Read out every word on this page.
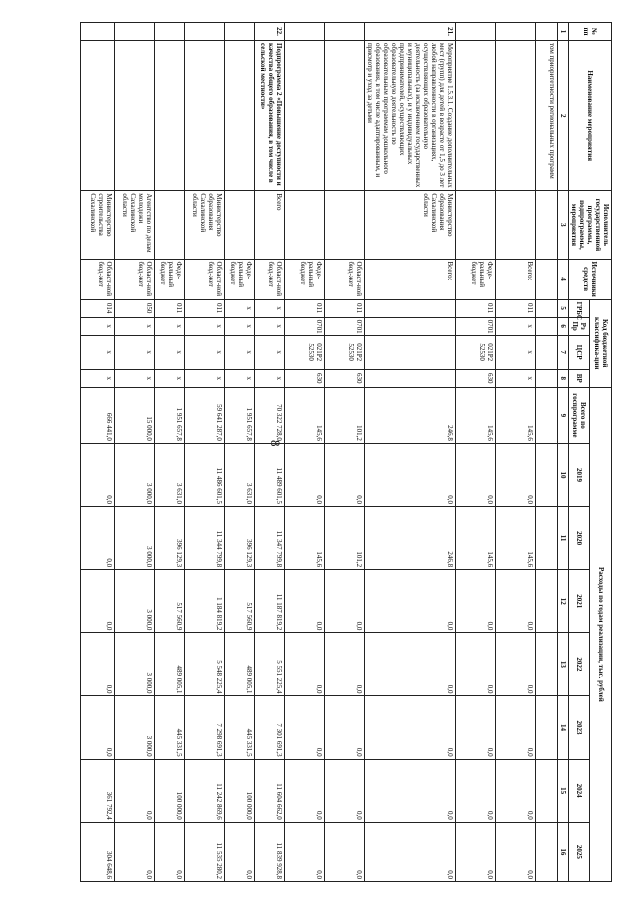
8
№ пп	Наименование мероприятия	Исполнитель государственной программы, подпрограммы, мероприятия	Источники средств	Код бюджетной классифика-ции				Расходы по годам реализации, тыс. рублей							
				ГРБС	Рз Пр	ЦСР	ВР	Всего по госпрограмме	2019	2020	2021	2022	2023	2024	2025
1	2	3	4	5	6	7	8	9	10	11	12	13	14	15	16
	том приоритетности региональных программ														
			Всего:	011	x	x	x	145,6	0,0	145,6	0,0	0,0	0,0	0,0	0,0
			Феде-ральный бюджет	011	0701	021P2 52530	630	145,6	0,0	145,6	0,0	0,0	0,0	0,0	0,0
21.	Мероприятие 1.5.3.1. Создание дополнительных мест (групп) для детей в возрасте от 1,5 до 3 лет любой направленности в организациях, осуществляющих образовательную деятельность (за исключением государственных и муниципальных), и у индивидуальных предпринимателей, осуществляющих образовательную деятельность по образовательным программам дошкольного образования, в том числе адаптированным, и присмотр и уход за детьми	Министерство образования Сахалинской области	Всего:					246,8	0,0	246,8	0,0	0,0	0,0	0,0	0,0
			Област-ной бюд-жет	011	0701	021P2 52530	630	101,2	0,0	101,2	0,0	0,0	0,0	0,0	0,0
			Феде-ральный бюджет	011	0701	021P2 52530	630	145,6	0,0	145,6	0,0	0,0	0,0	0,0	0,0
22.	Подпрограмма 2 «Повышение доступности и качества общего образования, в том числе в сельской местности»	Всего	Област-ной бюд-жет	x	x	x	x	70 322 728,0	11 489 601,5	11 347 799,8	11 187 819,2	5 551 225,4	7 301 691,3	11 604 662,0	11 839 928,8
			Феде-ральный бюджет	x	x	x	x	1 951 657,8	3 631,0	396 129,3	517 560,9	489 005,1	445 331,5	100 000,0	0,0
		Министерство образования Сахалинской области	Област-ной бюд-жет	011	x	x	x	59 641 287,0	11 486 601,5	11 344 799,8	1 184 819,2	5 548 225,4	7 298 691,3	11 242 869,6	11 535 280,2
			Феде-ральный бюджет	011	x	x	x	1 951 657,8	3 631,0	396 129,3	517 560,9	489 005,1	445 331,5	100 000,0	0,0
		Агентство по делам молодежи Сахалинской области	Област-ной бюд-жет	050	x	x	x	15 000,0	3 000,0	3 000,0	3 000,0	3 000,0	3 000,0	0,0	0,0
		Министерство строительства Сахалинской	Област-ной бюд-жет	014	x	x	x	666 441,0	0,0	0,0	0,0	0,0	0,0	361 792,4	304 648,6
